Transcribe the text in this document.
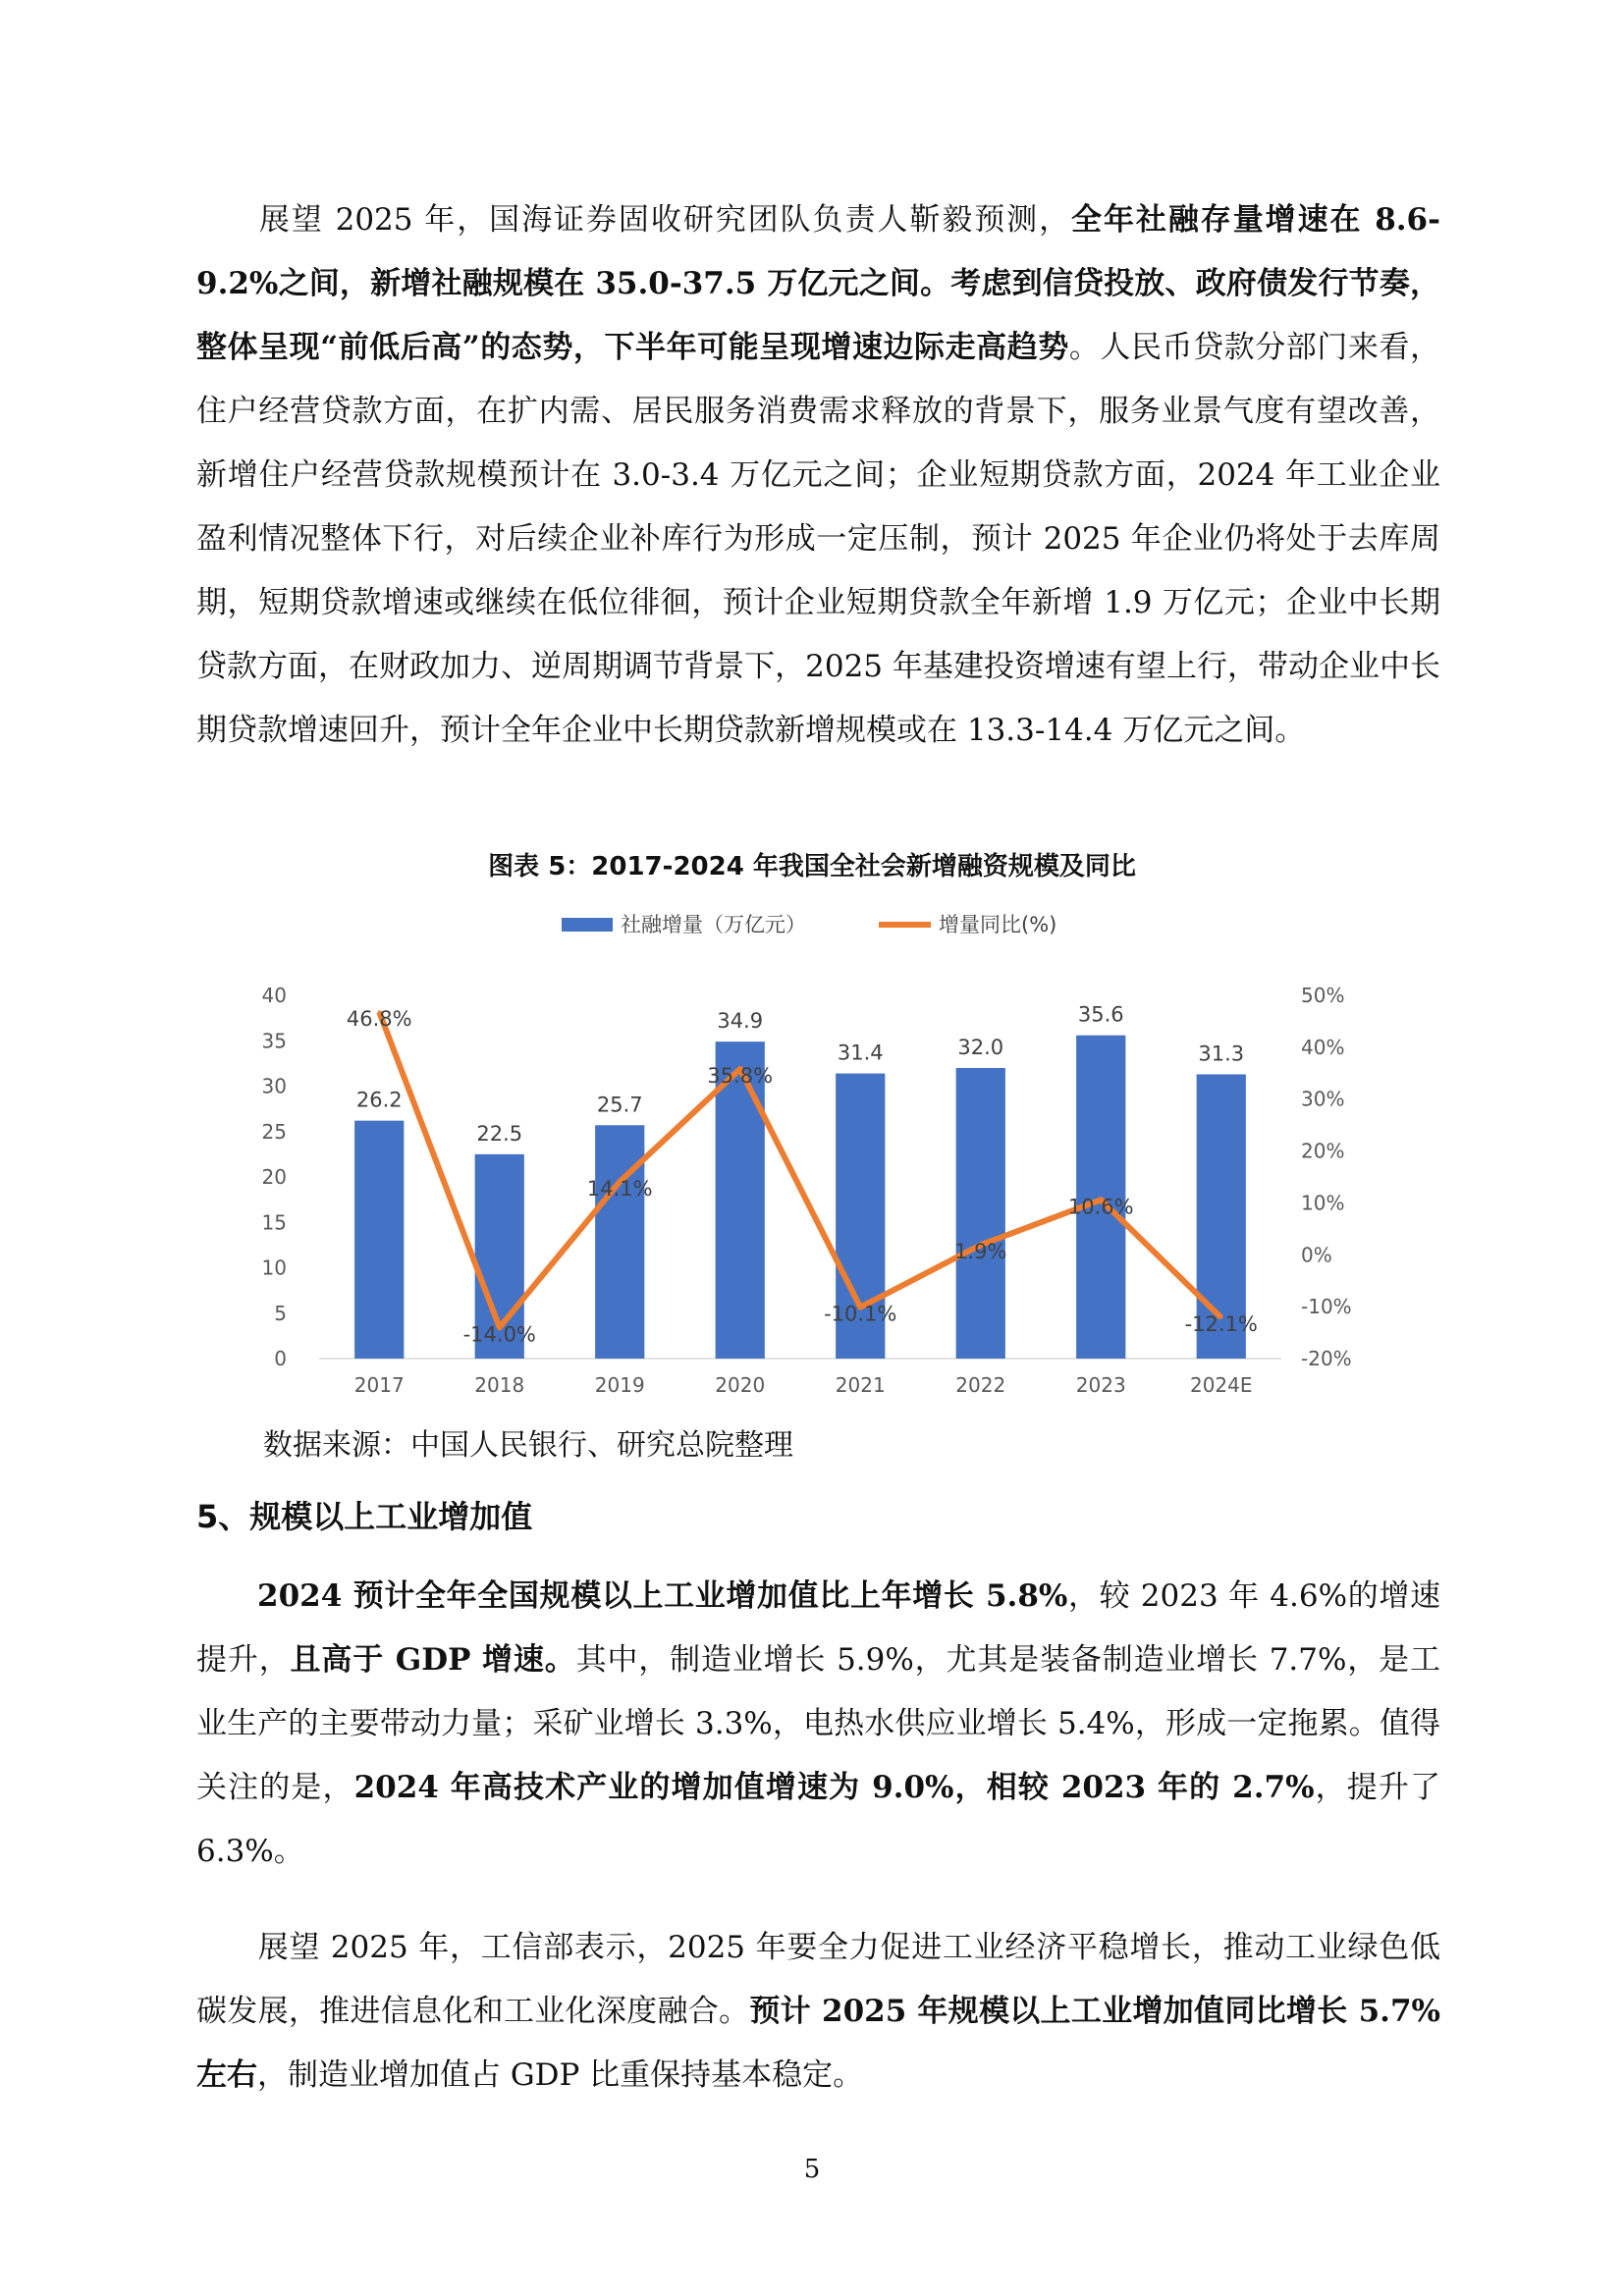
展望 2025 年，国海证券固收研究团队负责人靳毅预测，全年社融存量增速在 8.6-9.2%之间，新增社融规模在 35.0-37.5 万亿元之间。考虑到信贷投放、政府债发行节奏，整体呈现“前低后高”的态势，下半年可能呈现增速边际走高趋势。人民币贷款分部门来看，住户经营贷款方面，在扩内需、居民服务消费需求释放的背景下，服务业景气度有望改善，新增住户经营贷款规模预计在 3.0-3.4 万亿元之间；企业短期贷款方面，2024 年工业企业盈利情况整体下行，对后续企业补库行为形成一定压制，预计 2025 年企业仍将处于去库周期，短期贷款增速或继续在低位徘徊，预计企业短期贷款全年新增 1.9 万亿元；企业中长期贷款方面，在财政加力、逆周期调节背景下，2025 年基建投资增速有望上行，带动企业中长期贷款增速回升，预计全年企业中长期贷款新增规模或在 13.3-14.4 万亿元之间。

图表 5：2017-2024 年我国全社会新增融资规模及同比
社融增量（万亿元）	增量同比(%)
0
5
10
15
20
25
30
35
40
-20%
-10%
0%
10%
20%
30%
40%
50%
26.2
22.5
25.7
34.9
31.4	32.0
35.6
31.3
2017	2018	2019	2020	2021	2022	2023	2024E
46.8%
-14.0%
14.1%
35.8%
-10.1%
1.9%
10.6%
-12.1%
数据来源：中国人民银行、研究总院整理
5、规模以上工业增加值

2024 预计全年全国规模以上工业增加值比上年增长 5.8%，较 2023 年 4.6%的增速提升，且高于 GDP 增速。其中，制造业增长 5.9%，尤其是装备制造业增长 7.7%，是工业生产的主要带动力量；采矿业增长 3.3%，电热水供应业增长 5.4%，形成一定拖累。值得关注的是，2024 年高技术产业的增加值增速为 9.0%，相较 2023 年的 2.7%，提升了 6.3%。

展望 2025 年，工信部表示，2025 年要全力促进工业经济平稳增长，推动工业绿色低碳发展，推进信息化和工业化深度融合。预计 2025 年规模以上工业增加值同比增长 5.7%左右，制造业增加值占 GDP 比重保持基本稳定。

5
